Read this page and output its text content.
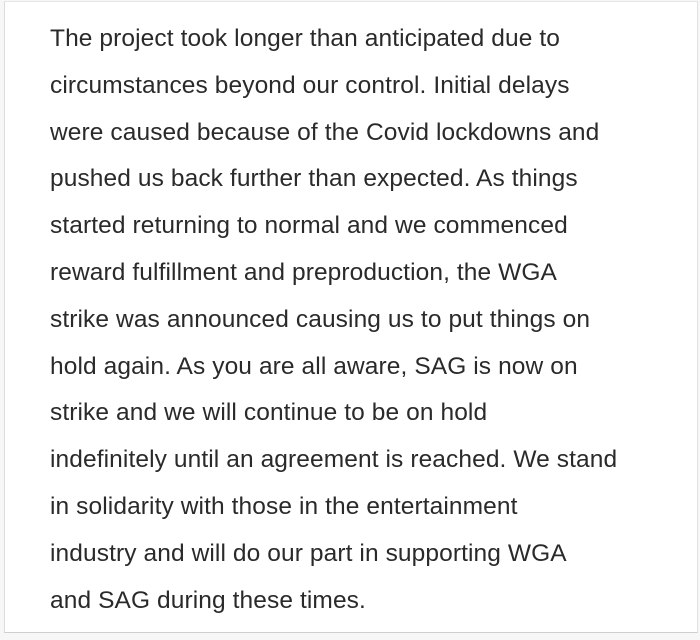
The project took longer than anticipated due to
circumstances beyond our control. Initial delays
were caused because of the Covid lockdowns and
pushed us back further than expected. As things
started returning to normal and we commenced
reward fulfillment and preproduction, the WGA
strike was announced causing us to put things on
hold again. As you are all aware, SAG is now on
strike and we will continue to be on hold
indefinitely until an agreement is reached. We stand
in solidarity with those in the entertainment
industry and will do our part in supporting WGA
and SAG during these times.
